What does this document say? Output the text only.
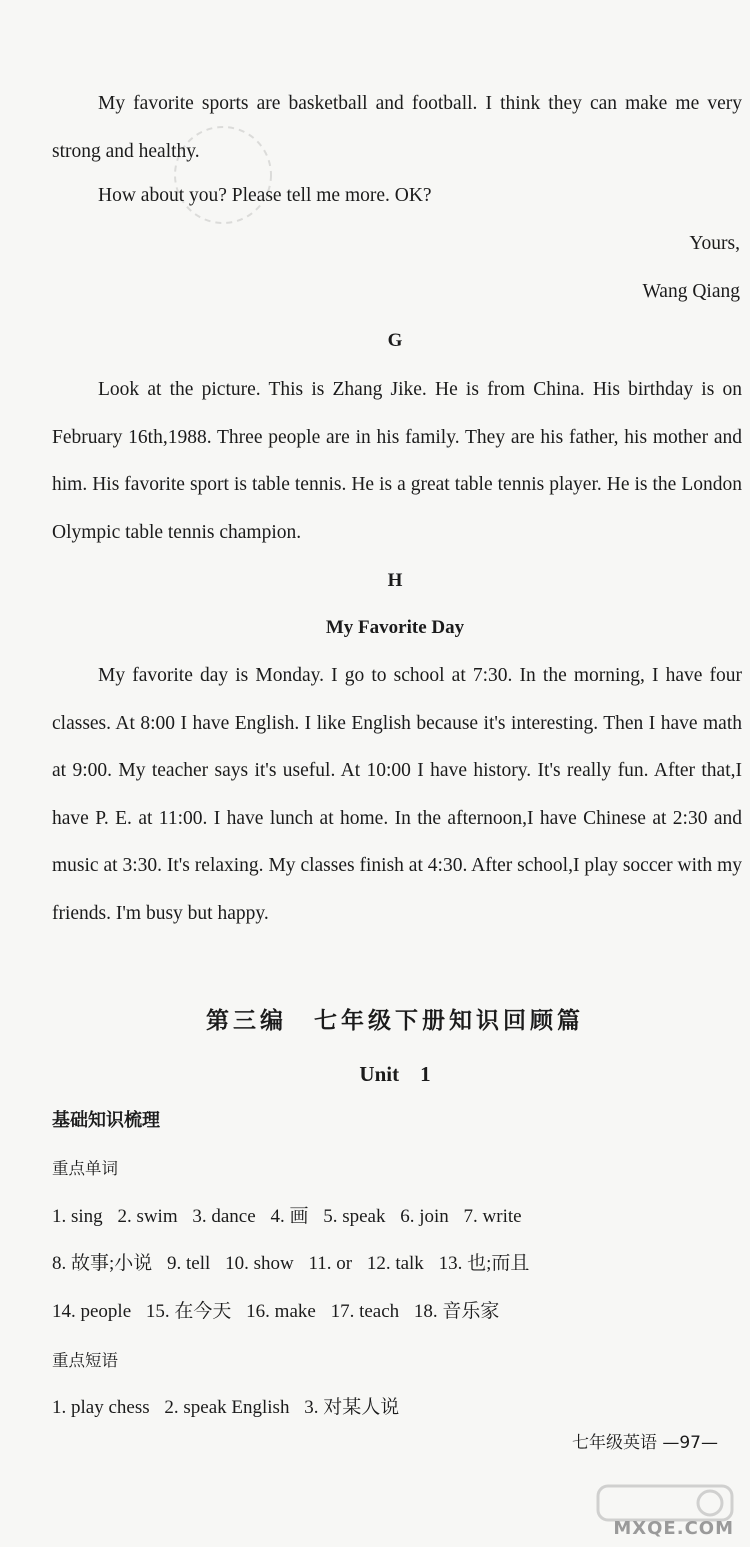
My favorite sports are basketball and football. I think they can make me very strong and healthy.

How about you? Please tell me more. OK?

Yours,

Wang Qiang

G

Look at the picture. This is Zhang Jike. He is from China. His birthday is on February 16th,1988. Three people are in his family. They are his father, his mother and him. His favorite sport is table tennis. He is a great table tennis player. He is the London Olympic table tennis champion.

H
My Favorite Day

My favorite day is Monday. I go to school at 7:30. In the morning, I have four classes. At 8:00 I have English. I like English because it's interesting. Then I have math at 9:00. My teacher says it's useful. At 10:00 I have history. It's really fun. After that,I have P. E. at 11:00. I have lunch at home. In the afternoon,I have Chinese at 2:30 and music at 3:30. It's relaxing. My classes finish at 4:30. After school,I play soccer with my friends. I'm busy but happy.

第三编　七年级下册知识回顾篇
Unit　1
基础知识梳理
重点单词
1. sing 2. swim 3. dance 4. 画 5. speak 6. join 7. write
8. 故事;小说 9. tell 10. show 11. or 12. talk 13. 也;而且
14. people 15. 在今天 16. make 17. teach 18. 音乐家
重点短语
1. play chess 2. speak English 3. 对某人说
七年级英语 —97—
MXQE.COM
